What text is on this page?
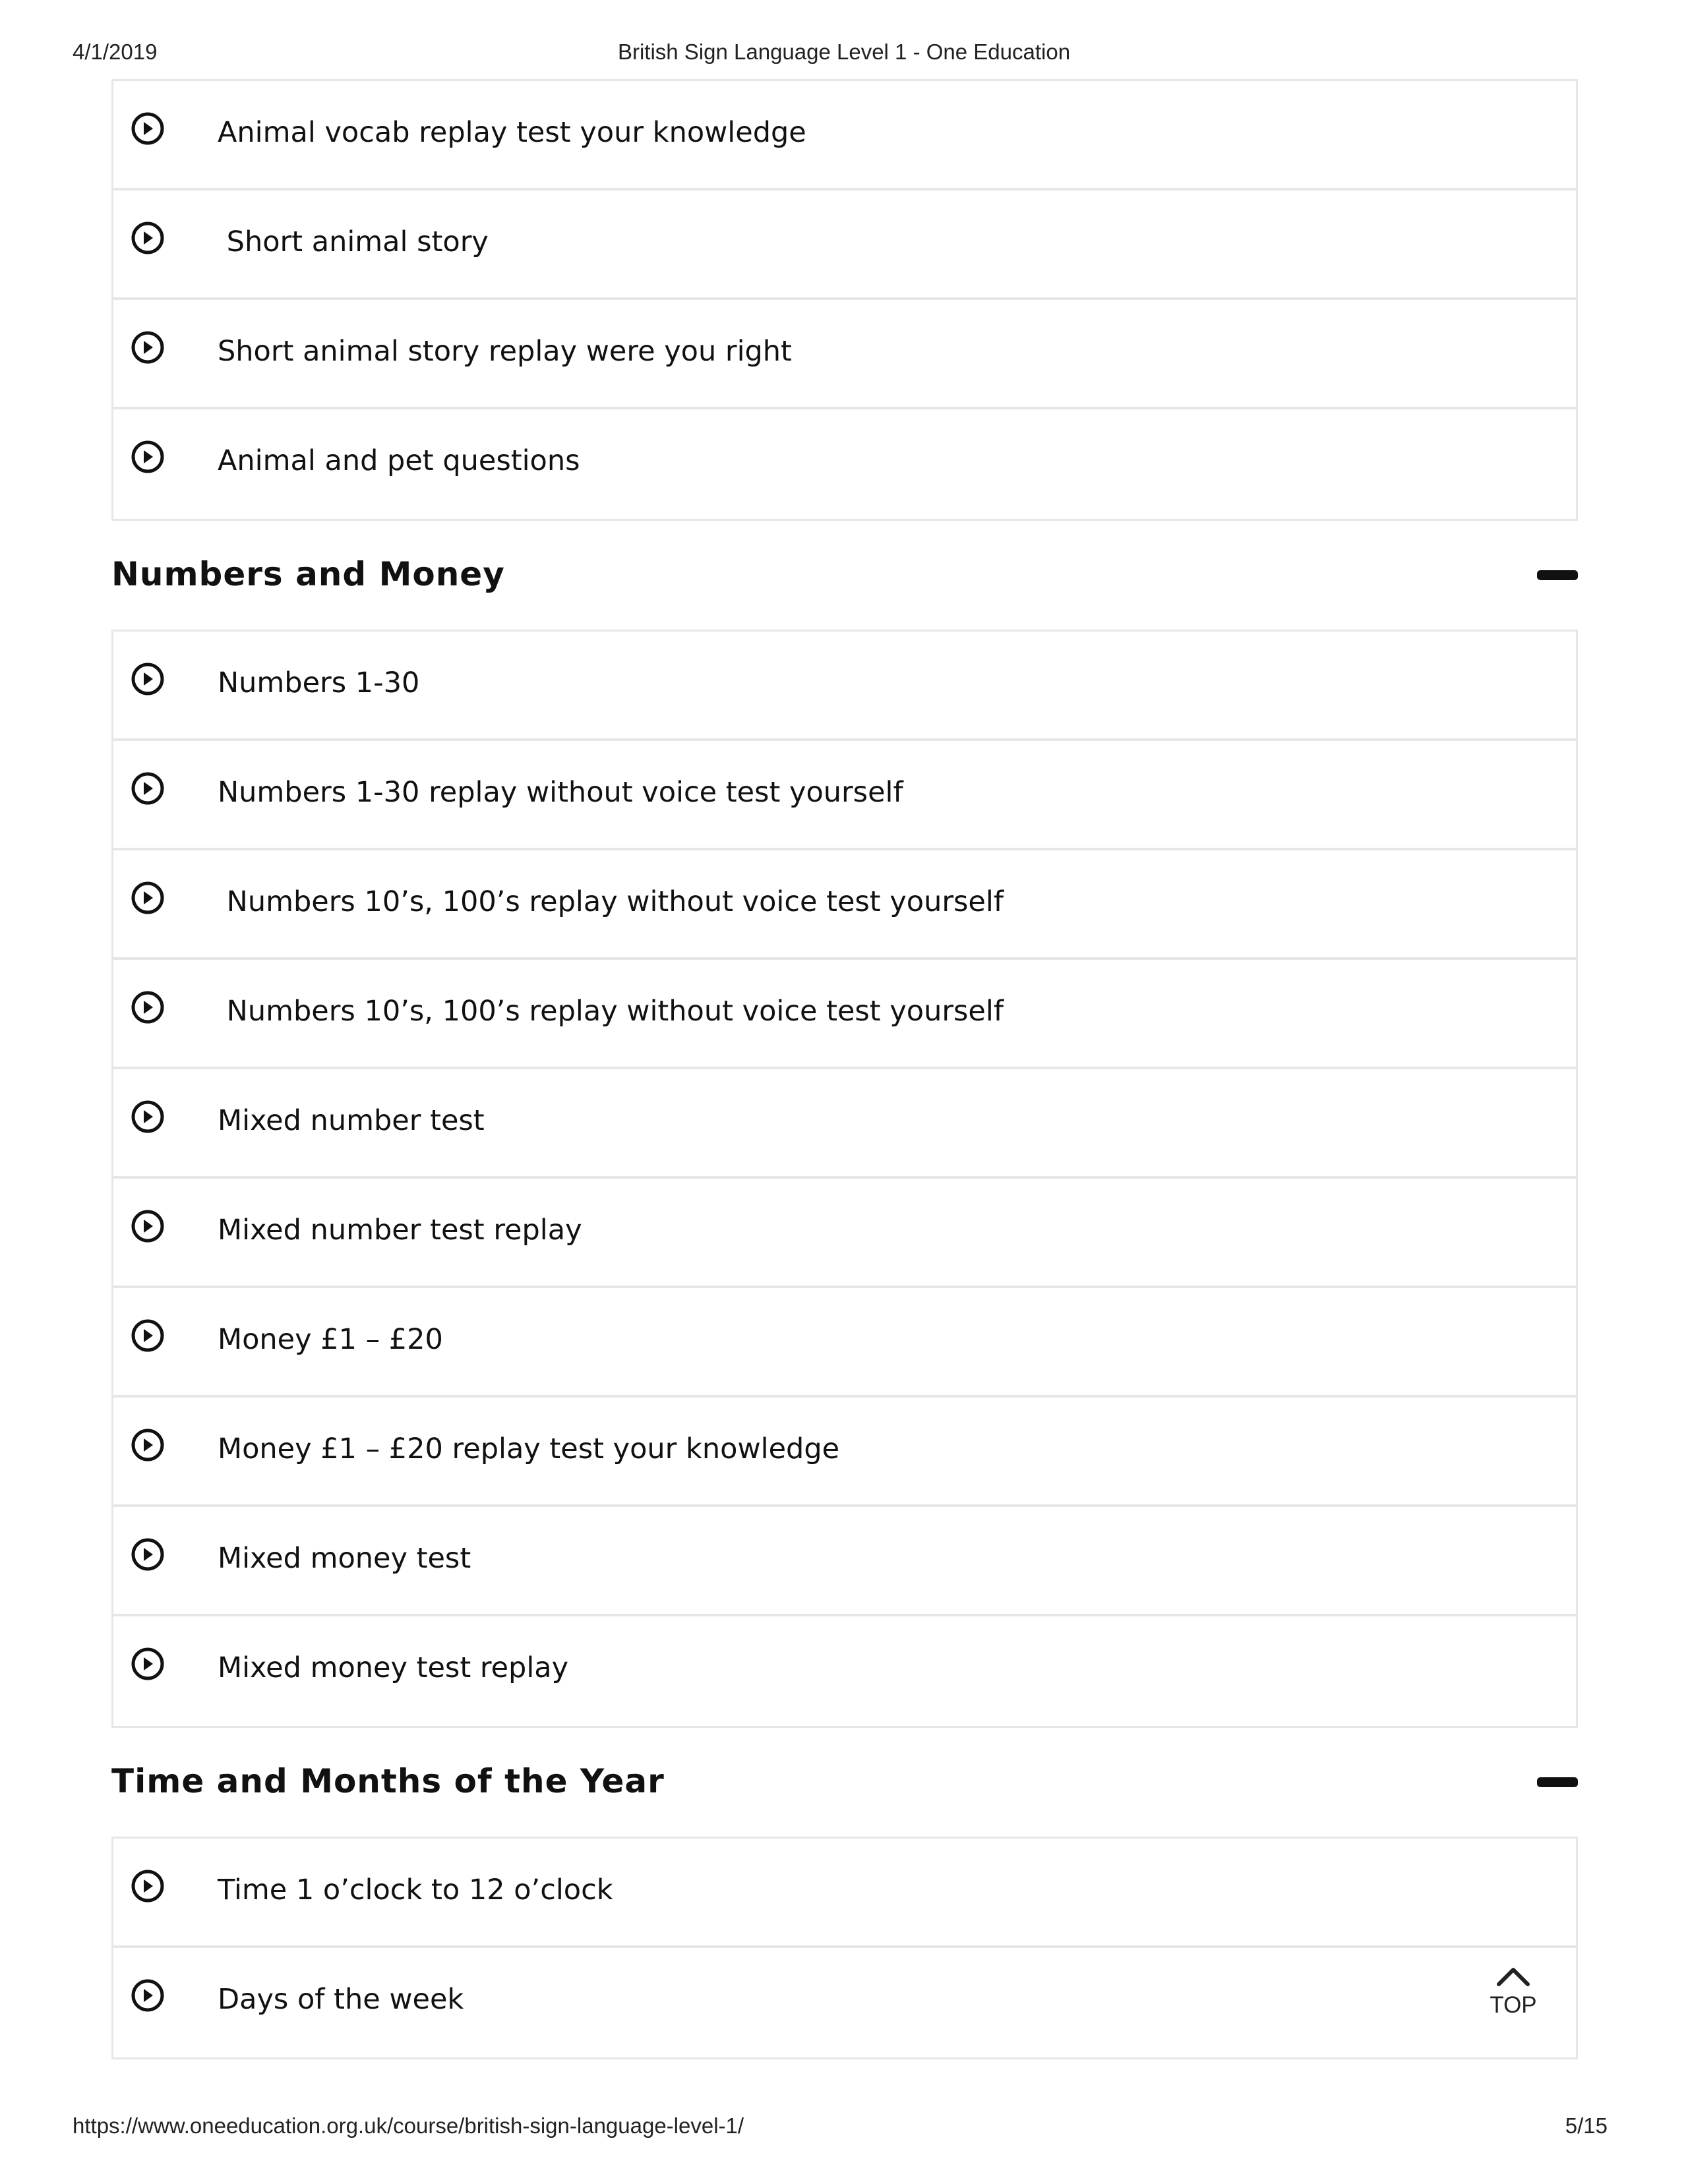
4/1/2019	British Sign Language Level 1 - One Education
Animal vocab replay test your knowledge
Short animal story
Short animal story replay were you right
Animal and pet questions
Numbers and Money
Numbers 1-30
Numbers 1-30 replay without voice test yourself
Numbers 10’s, 100’s replay without voice test yourself
Numbers 10’s, 100’s replay without voice test yourself
Mixed number test
Mixed number test replay
Money £1 – £20
Money £1 – £20 replay test your knowledge
Mixed money test
Mixed money test replay
Time and Months of the Year
Time 1 o’clock to 12 o’clock
Days of the week	TOP
https://www.oneeducation.org.uk/course/british-sign-language-level-1/	5/15
